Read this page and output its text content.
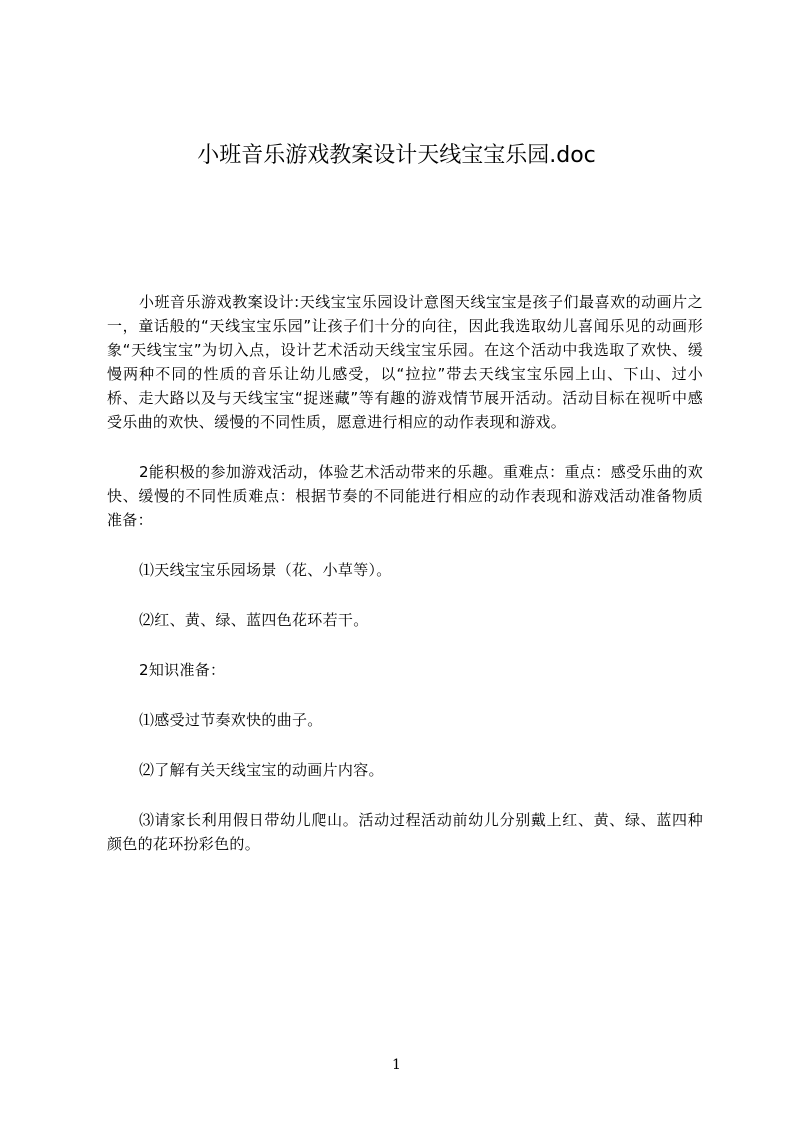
小班音乐游戏教案设计天线宝宝乐园.doc

小班音乐游戏教案设计:天线宝宝乐园设计意图天线宝宝是孩子们最喜欢的动画片之一，童话般的“天线宝宝乐园”让孩子们十分的向往，因此我选取幼儿喜闻乐见的动画形象“天线宝宝”为切入点，设计艺术活动天线宝宝乐园。在这个活动中我选取了欢快、缓慢两种不同的性质的音乐让幼儿感受，以“拉拉”带去天线宝宝乐园上山、下山、过小桥、走大路以及与天线宝宝“捉迷藏”等有趣的游戏情节展开活动。活动目标在视听中感受乐曲的欢快、缓慢的不同性质，愿意进行相应的动作表现和游戏。

2能积极的参加游戏活动，体验艺术活动带来的乐趣。重难点：重点：感受乐曲的欢快、缓慢的不同性质难点：根据节奏的不同能进行相应的动作表现和游戏活动准备物质准备：

⑴天线宝宝乐园场景（花、小草等）。

⑵红、黄、绿、蓝四色花环若干。

2知识准备：

⑴感受过节奏欢快的曲子。

⑵了解有关天线宝宝的动画片内容。

⑶请家长利用假日带幼儿爬山。活动过程活动前幼儿分别戴上红、黄、绿、蓝四种颜色的花环扮彩色的。

1
